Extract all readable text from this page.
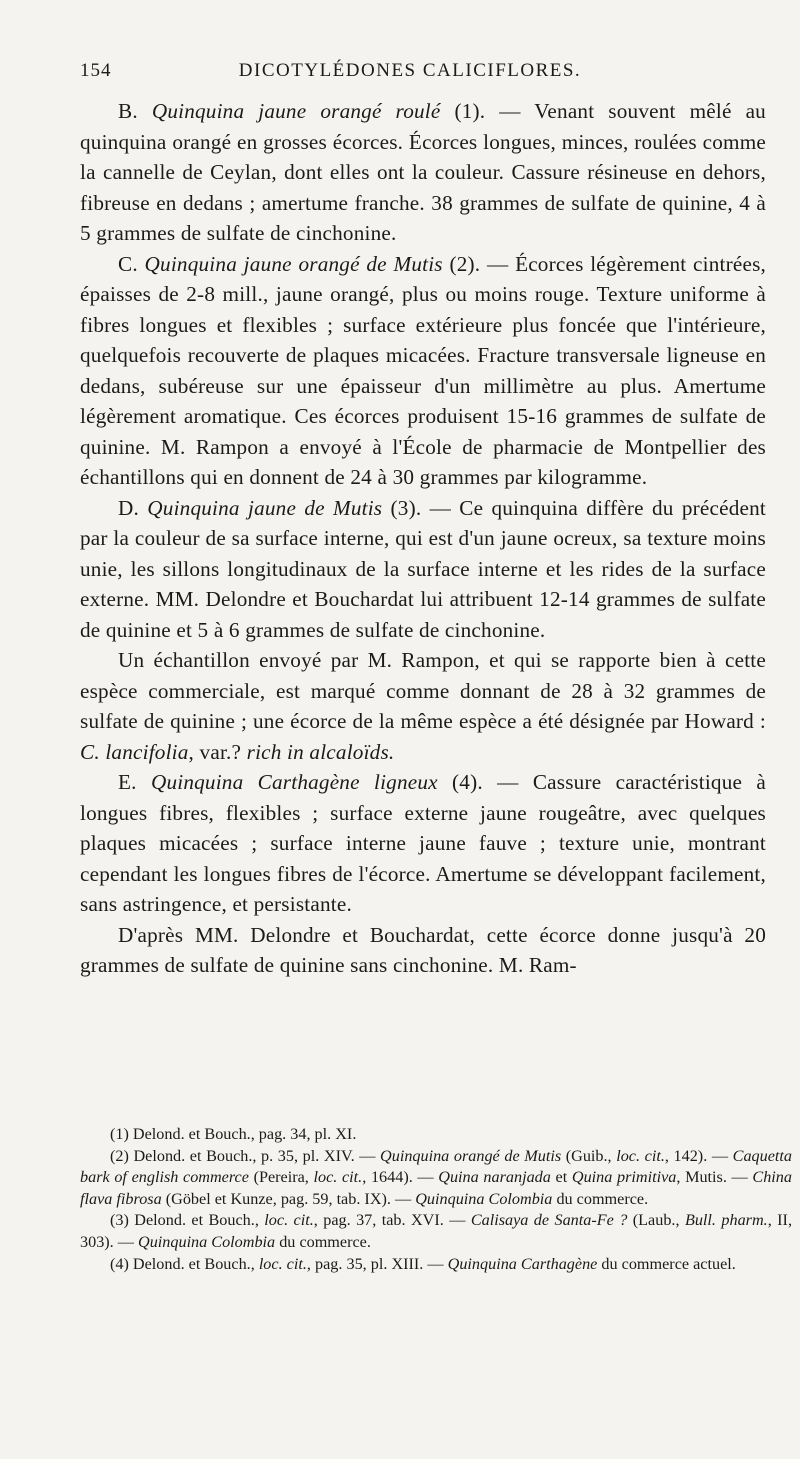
154	DICOTYLÉDONES CALICIFLORES.

B. Quinquina jaune orangé roulé (1). — Venant souvent mêlé au quinquina orangé en grosses écorces. Écorces longues, minces, roulées comme la cannelle de Ceylan, dont elles ont la couleur. Cassure résineuse en dehors, fibreuse en dedans ; amertume franche. 38 grammes de sulfate de quinine, 4 à 5 grammes de sulfate de cinchonine.

C. Quinquina jaune orangé de Mutis (2). — Écorces légèrement cintrées, épaisses de 2-8 mill., jaune orangé, plus ou moins rouge. Texture uniforme à fibres longues et flexibles ; surface extérieure plus foncée que l'intérieure, quelquefois recouverte de plaques micacées. Fracture transversale ligneuse en dedans, subéreuse sur une épaisseur d'un millimètre au plus. Amertume légèrement aromatique. Ces écorces produisent 15-16 grammes de sulfate de quinine. M. Rampon a envoyé à l'École de pharmacie de Montpellier des échantillons qui en donnent de 24 à 30 grammes par kilogramme.

D. Quinquina jaune de Mutis (3). — Ce quinquina diffère du précédent par la couleur de sa surface interne, qui est d'un jaune ocreux, sa texture moins unie, les sillons longitudinaux de la surface interne et les rides de la surface externe. MM. Delondre et Bouchardat lui attribuent 12-14 grammes de sulfate de quinine et 5 à 6 grammes de sulfate de cinchonine.

Un échantillon envoyé par M. Rampon, et qui se rapporte bien à cette espèce commerciale, est marqué comme donnant de 28 à 32 grammes de sulfate de quinine ; une écorce de la même espèce a été désignée par Howard : C. lancifolia, var.? rich in alcaloïds.

E. Quinquina Carthagène ligneux (4). — Cassure caractéristique à longues fibres, flexibles ; surface externe jaune rougeâtre, avec quelques plaques micacées ; surface interne jaune fauve ; texture unie, montrant cependant les longues fibres de l'écorce. Amertume se développant facilement, sans astringence, et persistante.

D'après MM. Delondre et Bouchardat, cette écorce donne jusqu'à 20 grammes de sulfate de quinine sans cinchonine. M. Ram-

(1) Delond. et Bouch., pag. 34, pl. XI.

(2) Delond. et Bouch., p. 35, pl. XIV. — Quinquina orangé de Mutis (Guib., loc. cit., 142). — Caquetta bark of english commerce (Pereira, loc. cit., 1644). — Quina naranjada et Quina primitiva, Mutis. — China flava fibrosa (Göbel et Kunze, pag. 59, tab. IX). — Quinquina Colombia du commerce.

(3) Delond. et Bouch., loc. cit., pag. 37, tab. XVI. — Calisaya de Santa-Fe ? (Laub., Bull. pharm., II, 303). — Quinquina Colombia du commerce.

(4) Delond. et Bouch., loc. cit., pag. 35, pl. XIII. — Quinquina Carthagène du commerce actuel.
